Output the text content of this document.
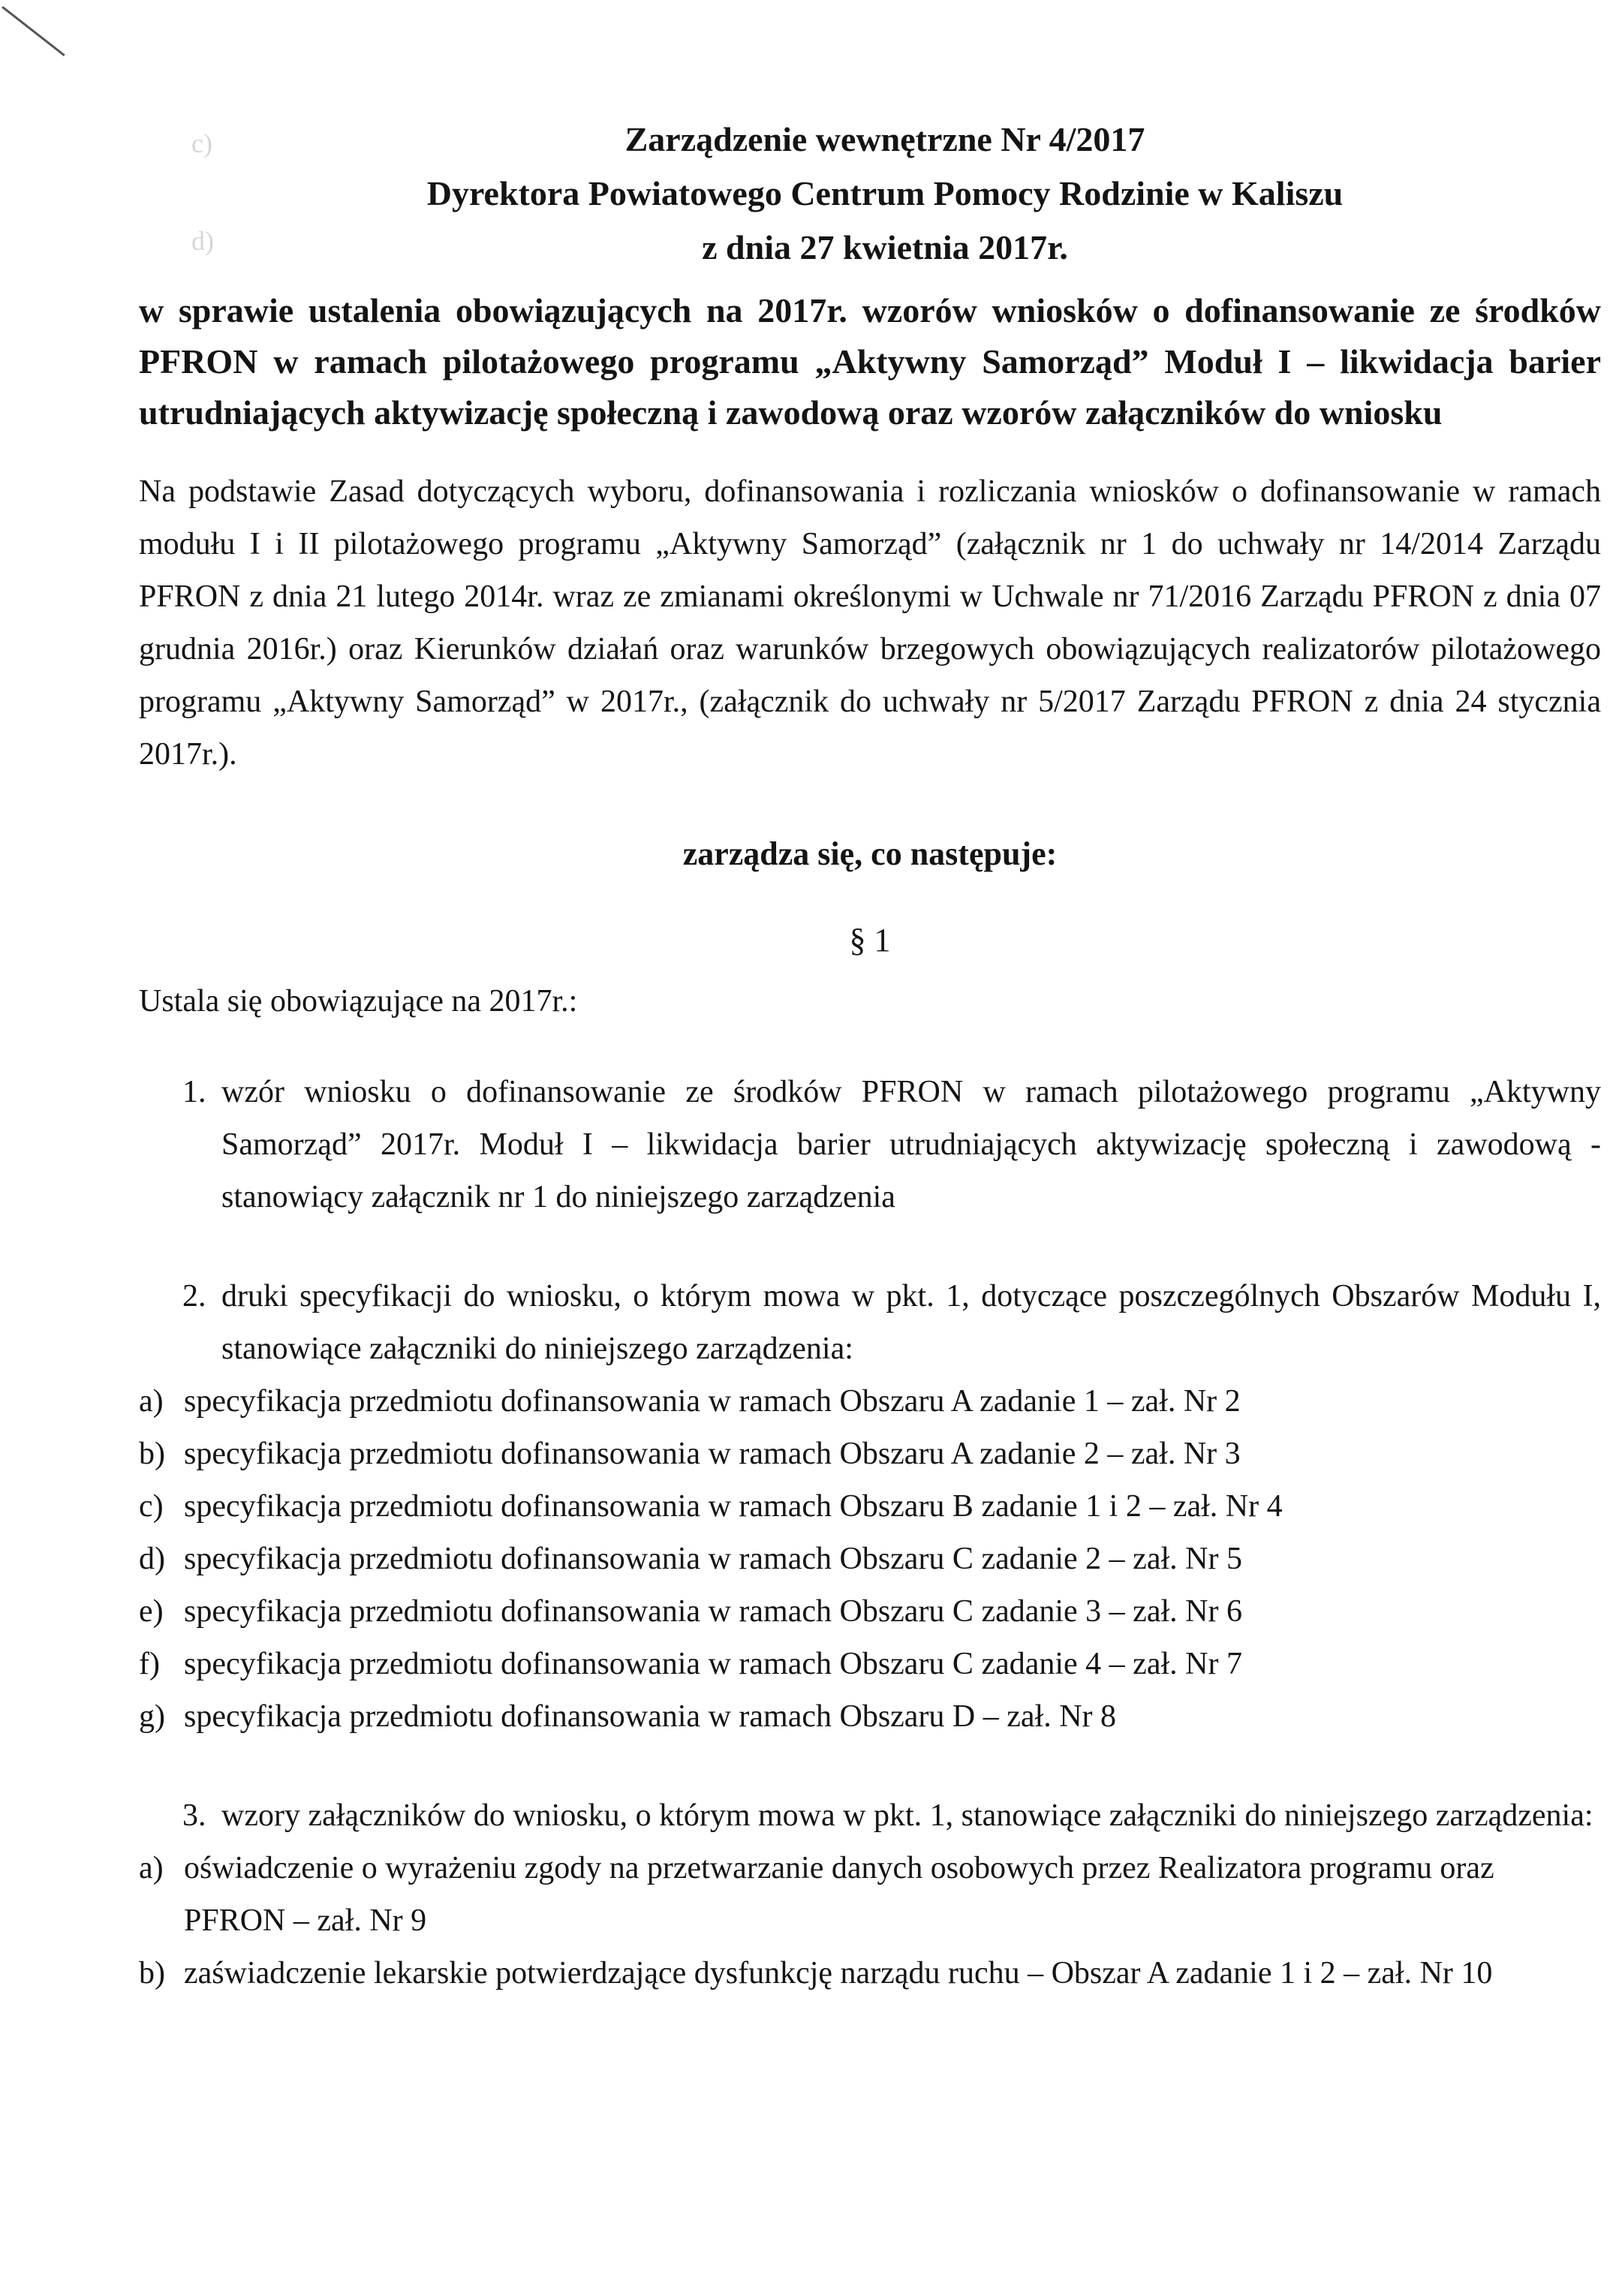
c)
d)
Zarządzenie wewnętrzne Nr 4/2017
Dyrektora Powiatowego Centrum Pomocy Rodzinie w Kaliszu
z dnia 27 kwietnia 2017r.
w sprawie ustalenia obowiązujących na 2017r. wzorów wniosków o dofinansowanie ze środków PFRON w ramach pilotażowego programu „Aktywny Samorząd” Moduł I – likwidacja barier utrudniających aktywizację społeczną i zawodową oraz wzorów załączników do wniosku
Na podstawie Zasad dotyczących wyboru, dofinansowania i rozliczania wniosków o dofinansowanie w ramach modułu I i II pilotażowego programu „Aktywny Samorząd” (załącznik nr 1 do uchwały nr 14/2014 Zarządu PFRON z dnia 21 lutego 2014r. wraz ze zmianami określonymi w Uchwale nr 71/2016 Zarządu PFRON z dnia 07 grudnia 2016r.) oraz Kierunków działań oraz warunków brzegowych obowiązujących realizatorów pilotażowego programu „Aktywny Samorząd” w 2017r., (załącznik do uchwały nr 5/2017 Zarządu PFRON z dnia 24 stycznia 2017r.).
zarządza się, co następuje:
§ 1
Ustala się obowiązujące na 2017r.:
1. wzór wniosku o dofinansowanie ze środków PFRON w ramach pilotażowego programu „Aktywny Samorząd” 2017r. Moduł I – likwidacja barier utrudniających aktywizację społeczną i zawodową - stanowiący załącznik nr 1 do niniejszego zarządzenia
2. druki specyfikacji do wniosku, o którym mowa w pkt. 1, dotyczące poszczególnych Obszarów Modułu I, stanowiące załączniki do niniejszego zarządzenia:
a) specyfikacja przedmiotu dofinansowania w ramach Obszaru A zadanie 1 – zał. Nr 2
b) specyfikacja przedmiotu dofinansowania w ramach Obszaru A zadanie 2 – zał. Nr 3
c) specyfikacja przedmiotu dofinansowania w ramach Obszaru B zadanie 1 i 2 – zał. Nr 4
d) specyfikacja przedmiotu dofinansowania w ramach Obszaru C zadanie 2 – zał. Nr 5
e) specyfikacja przedmiotu dofinansowania w ramach Obszaru C zadanie 3 – zał. Nr 6
f) specyfikacja przedmiotu dofinansowania w ramach Obszaru C zadanie 4 – zał. Nr 7
g) specyfikacja przedmiotu dofinansowania w ramach Obszaru D – zał. Nr 8
3. wzory załączników do wniosku, o którym mowa w pkt. 1, stanowiące załączniki do niniejszego zarządzenia:
a) oświadczenie o wyrażeniu zgody na przetwarzanie danych osobowych przez Realizatora programu oraz PFRON – zał. Nr 9
b) zaświadczenie lekarskie potwierdzające dysfunkcję narządu ruchu – Obszar A zadanie 1 i 2 – zał. Nr 10
